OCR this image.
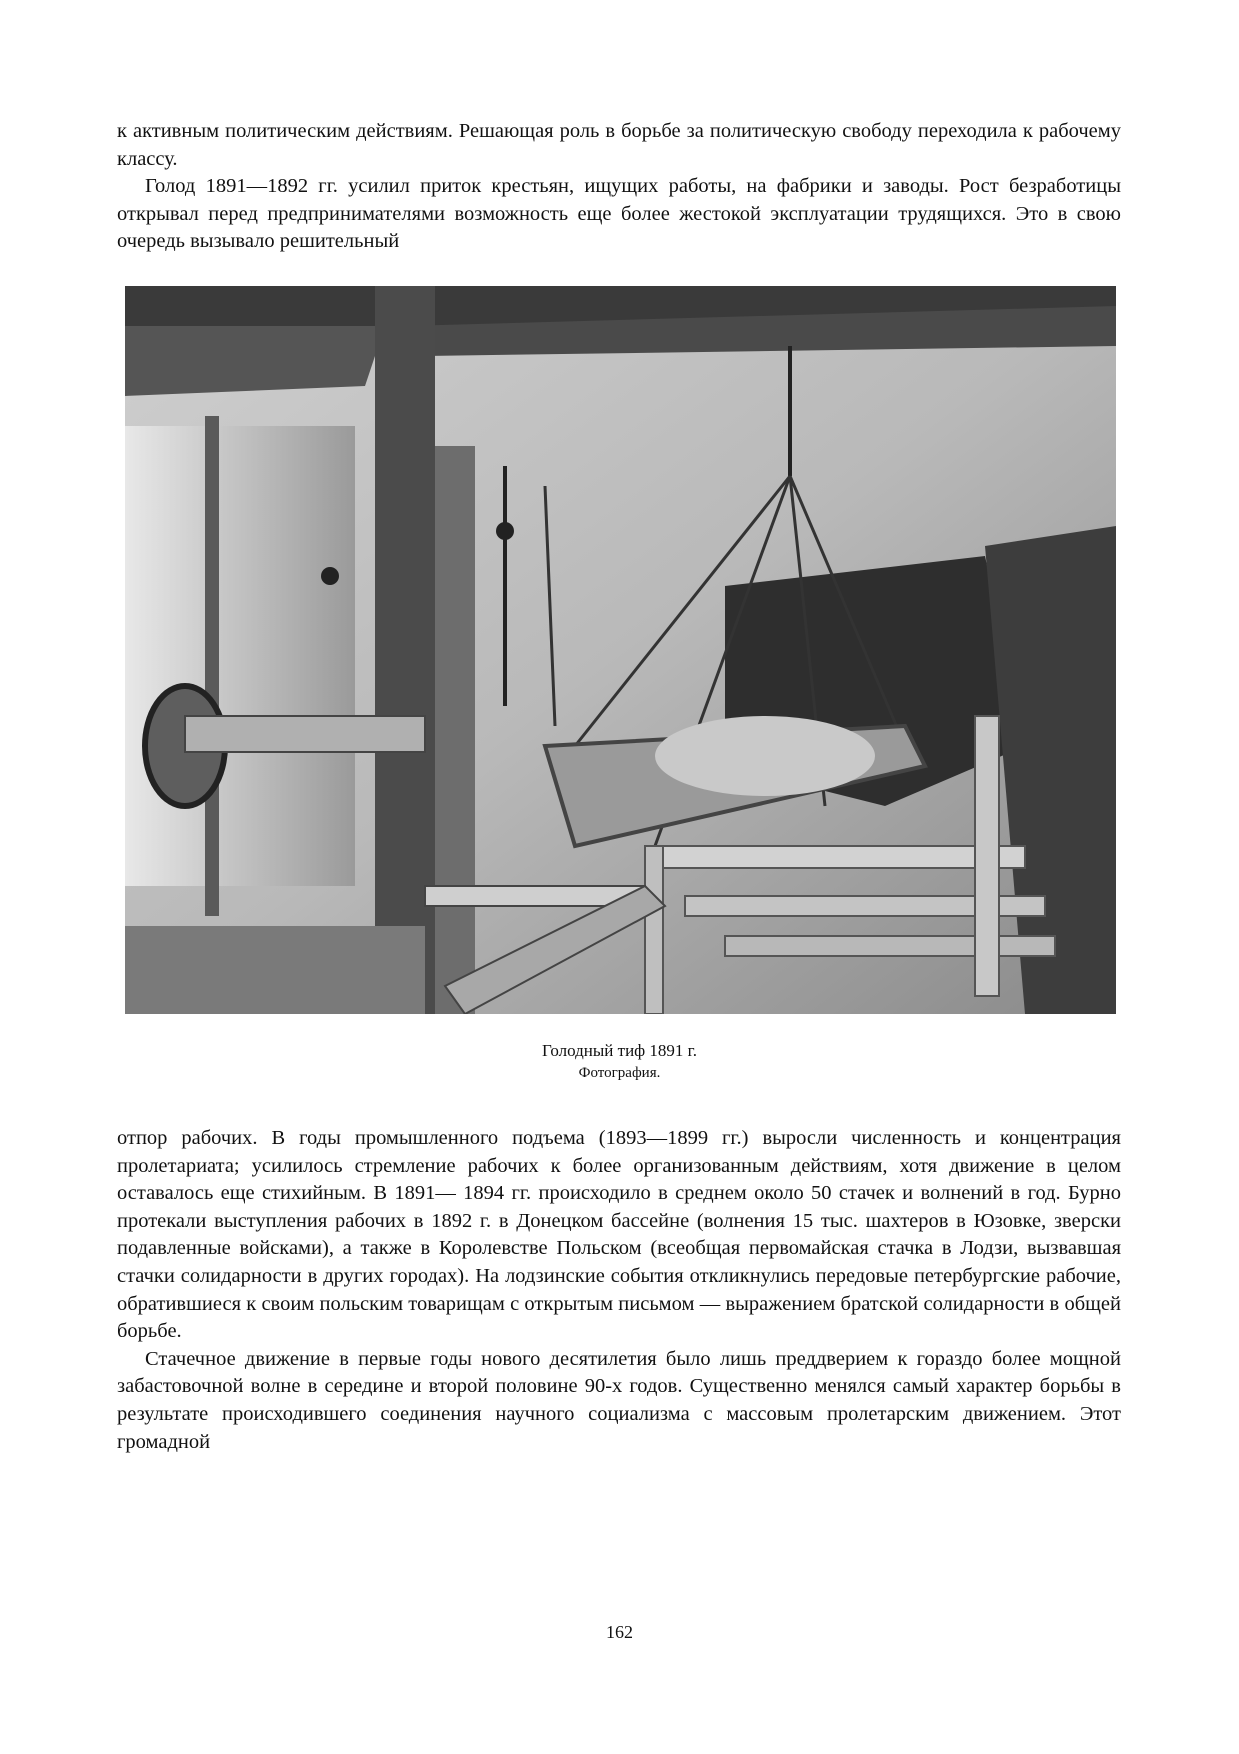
к активным политическим действиям. Решающая роль в борьбе за политическую свободу переходила к рабочему классу.

Голод 1891—1892 гг. усилил приток крестьян, ищущих работы, на фабрики и заводы. Рост безработицы открывал перед предпринимателями возможность еще более жестокой эксплуатации трудящихся. Это в свою очередь вызывало решительный

Голодный тиф 1891 г.
Фотография.

отпор рабочих. В годы промышленного подъема (1893—1899 гг.) выросли численность и концентрация пролетариата; усилилось стремление рабочих к более организованным действиям, хотя движение в целом оставалось еще стихийным. В 1891— 1894 гг. происходило в среднем около 50 стачек и волнений в год. Бурно протекали выступления рабочих в 1892 г. в Донецком бассейне (волнения 15 тыс. шахтеров в Юзовке, зверски подавленные войсками), а также в Королевстве Польском (всеобщая первомайская стачка в Лодзи, вызвавшая стачки солидарности в других городах). На лодзинские события откликнулись передовые петербургские рабочие, обратившиеся к своим польским товарищам с открытым письмом — выражением братской солидарности в общей борьбе.

Стачечное движение в первые годы нового десятилетия было лишь преддверием к гораздо более мощной забастовочной волне в середине и второй половине 90-х годов. Существенно менялся самый характер борьбы в результате происходившего соединения научного социализма с массовым пролетарским движением. Этот громадной

162
